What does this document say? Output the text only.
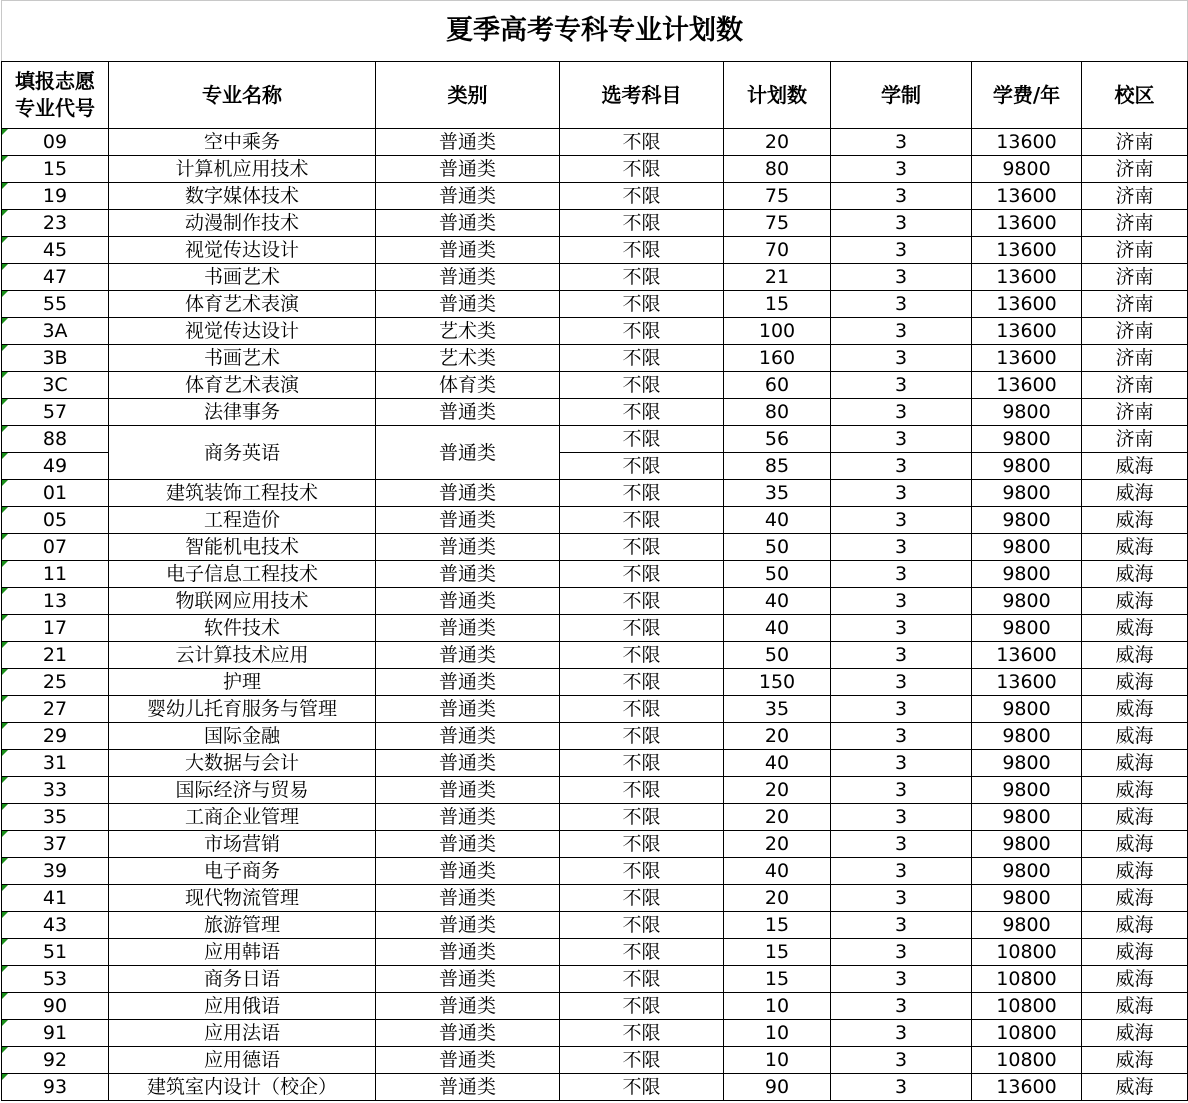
夏季高考专科专业计划数							

填报志愿
专业代号	专业名称	类别	选考科目	计划数	学制	学费/年	校区
09	空中乘务	普通类	不限	20	3	13600	济南
15	计算机应用技术	普通类	不限	80	3	9800	济南
19	数字媒体技术	普通类	不限	75	3	13600	济南
23	动漫制作技术	普通类	不限	75	3	13600	济南
45	视觉传达设计	普通类	不限	70	3	13600	济南
47	书画艺术	普通类	不限	21	3	13600	济南
55	体育艺术表演	普通类	不限	15	3	13600	济南
3A	视觉传达设计	艺术类	不限	100	3	13600	济南
3B	书画艺术	艺术类	不限	160	3	13600	济南
3C	体育艺术表演	体育类	不限	60	3	13600	济南
57	法律事务	普通类	不限	80	3	9800	济南
88	商务英语	普通类	不限	56	3	9800	济南
49			不限	85	3	9800	威海
01	建筑装饰工程技术	普通类	不限	35	3	9800	威海
05	工程造价	普通类	不限	40	3	9800	威海
07	智能机电技术	普通类	不限	50	3	9800	威海
11	电子信息工程技术	普通类	不限	50	3	9800	威海
13	物联网应用技术	普通类	不限	40	3	9800	威海
17	软件技术	普通类	不限	40	3	9800	威海
21	云计算技术应用	普通类	不限	50	3	13600	威海
25	护理	普通类	不限	150	3	13600	威海
27	婴幼儿托育服务与管理	普通类	不限	35	3	9800	威海
29	国际金融	普通类	不限	20	3	9800	威海
31	大数据与会计	普通类	不限	40	3	9800	威海
33	国际经济与贸易	普通类	不限	20	3	9800	威海
35	工商企业管理	普通类	不限	20	3	9800	威海
37	市场营销	普通类	不限	20	3	9800	威海
39	电子商务	普通类	不限	40	3	9800	威海
41	现代物流管理	普通类	不限	20	3	9800	威海
43	旅游管理	普通类	不限	15	3	9800	威海
51	应用韩语	普通类	不限	15	3	10800	威海
53	商务日语	普通类	不限	15	3	10800	威海
90	应用俄语	普通类	不限	10	3	10800	威海
91	应用法语	普通类	不限	10	3	10800	威海
92	应用德语	普通类	不限	10	3	10800	威海
93	建筑室内设计（校企）	普通类	不限	90	3	13600	威海
